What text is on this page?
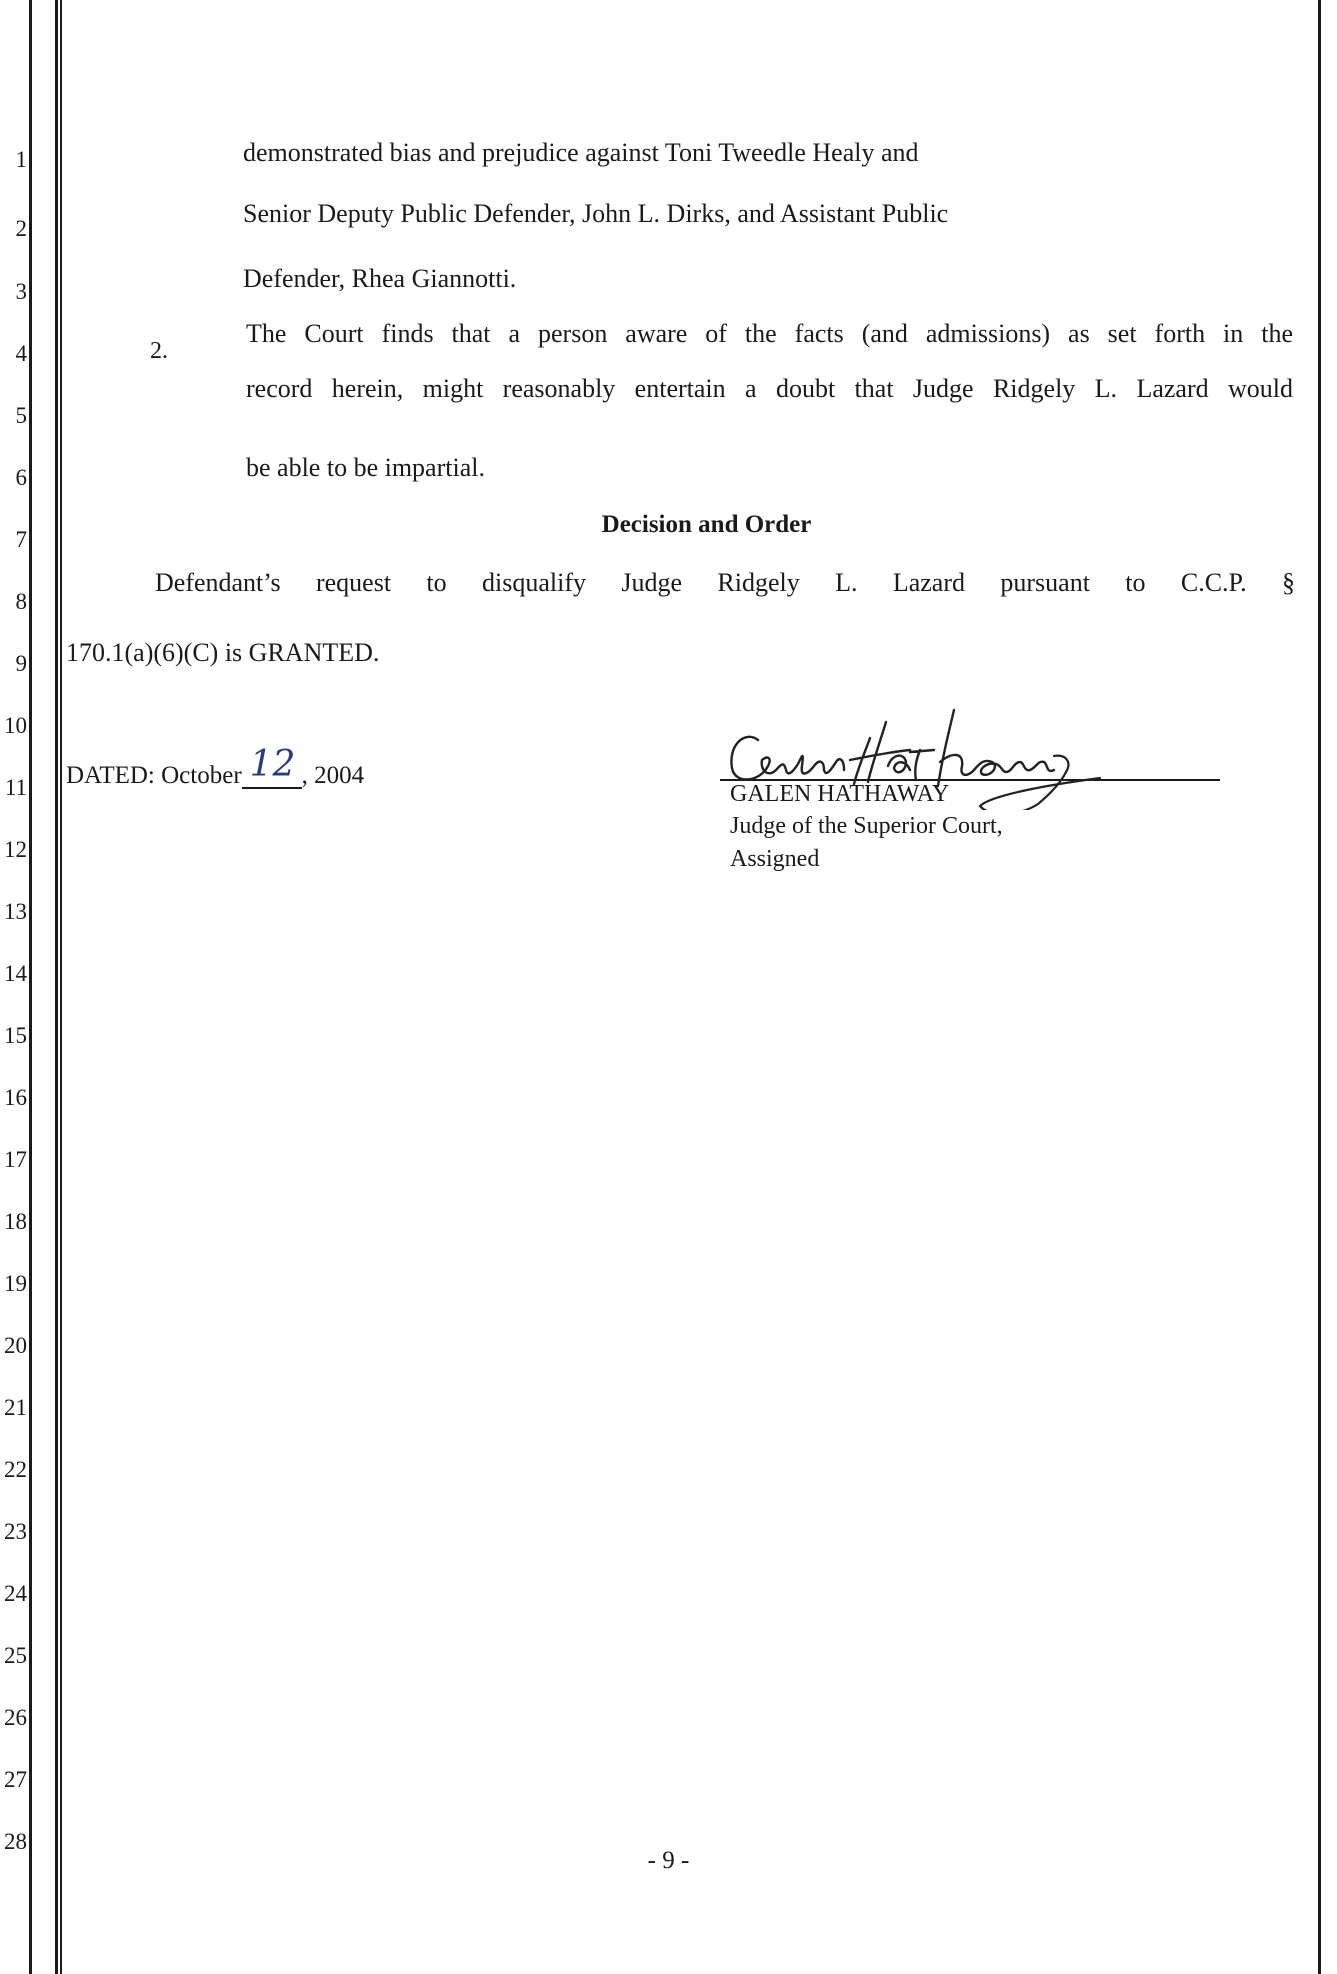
1
2
3
4
5
6
7
8
9
10
11
12
13
14
15
16
17
18
19
20
21
22
23
24
25
26
27
28
demonstrated bias and prejudice against Toni Tweedle Healy and
Senior Deputy Public Defender, John L. Dirks, and Assistant Public
Defender, Rhea Giannotti.
2.
The Court finds that a person aware of the facts (and admissions) as set forth in the
record herein, might reasonably entertain a doubt that Judge Ridgely L. Lazard would
be able to be impartial.
Decision and Order
Defendant’s request to disqualify Judge Ridgely L. Lazard pursuant to C.C.P. §
170.1(a)(6)(C) is GRANTED.
DATED: October 12 , 2004
GALEN HATHAWAY
Judge of the Superior Court,
Assigned
- 9 -
